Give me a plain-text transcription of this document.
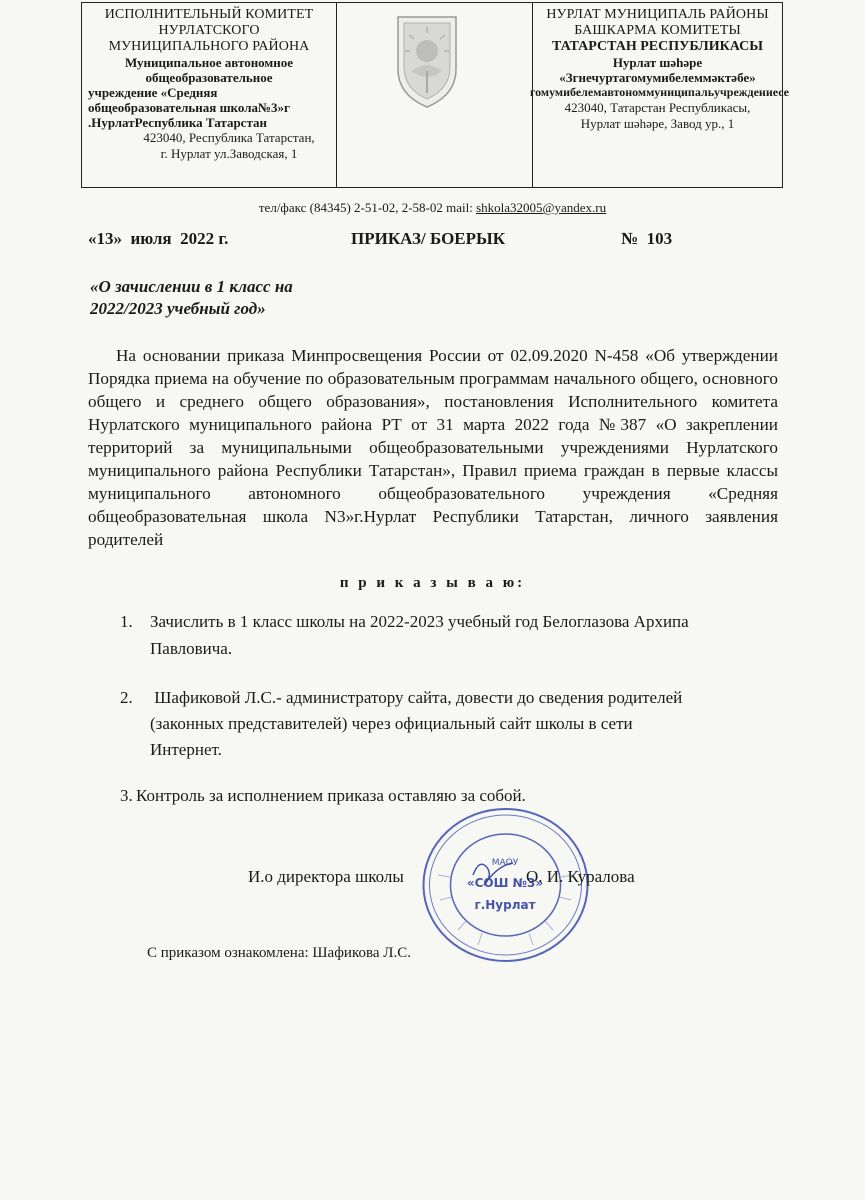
ИСПОЛНИТЕЛЬНЫЙ КОМИТЕТ
НУРЛАТСКОГО
МУНИЦИПАЛЬНОГО РАЙОНА
Муниципальное автономное
общеобразовательное
учреждение «Средняя
общеобразовательная школа№3»г
.НурлатРеспублика Татарстан
423040, Республика Татарстан,
г. Нурлат ул.Заводская, 1
НУРЛАТ МУНИЦИПАЛЬ РАЙОНЫ
БАШКАРМА КОМИТЕТЫ
ТАТАРСТАН РЕСПУБЛИКАСЫ
Нурлат шәһәре
«Згнечуртагомумибелеммәктәбе»
гомумибелемавтономмуниципальучреждениесе
423040, Татарстан Республикасы,
Нурлат шәһәре, Завод ур., 1
тел/факс (84345) 2-51-02, 2-58-02 mail: shkola32005@yandex.ru

«13»  июля  2022 г.

	ПРИКАЗ/ БОЕРЫК

	№  103

«О зачислении в 1 класс на
2022/2023 учебный год»
На основании приказа Минпросвещения России от 02.09.2020 N-458 «Об утверждении Порядка приема на обучение по образовательным программам начального общего, основного общего и среднего общего образования», постановления Исполнительного комитета Нурлатского муниципального района РТ от 31 марта 2022 года №387 «О закреплении территорий за муниципальными общеобразовательными учреждениями Нурлатского муниципального района Республики Татарстан», Правил приема граждан в первые классы муниципального автономного общеобразовательного учреждения «Средняя общеобразовательная школа N3»г.Нурлат Республики Татарстан, личного заявления родителей
п р и к а з ы в а ю:
1. Зачислить в 1 класс школы на 2022-2023 учебный год Белоглазова Архипа
Павловича.
2. Шафиковой Л.С.- администратору сайта, довести до сведения родителей
(законных представителей) через официальный сайт школы в сети
Интернет.
3. Контроль за исполнением приказа оставляю за собой.
МАОУ
«СОШ №3»
г.Нурлат
И.о директора школы	О. И. Куралова
С приказом ознакомлена: Шафикова Л.С.
